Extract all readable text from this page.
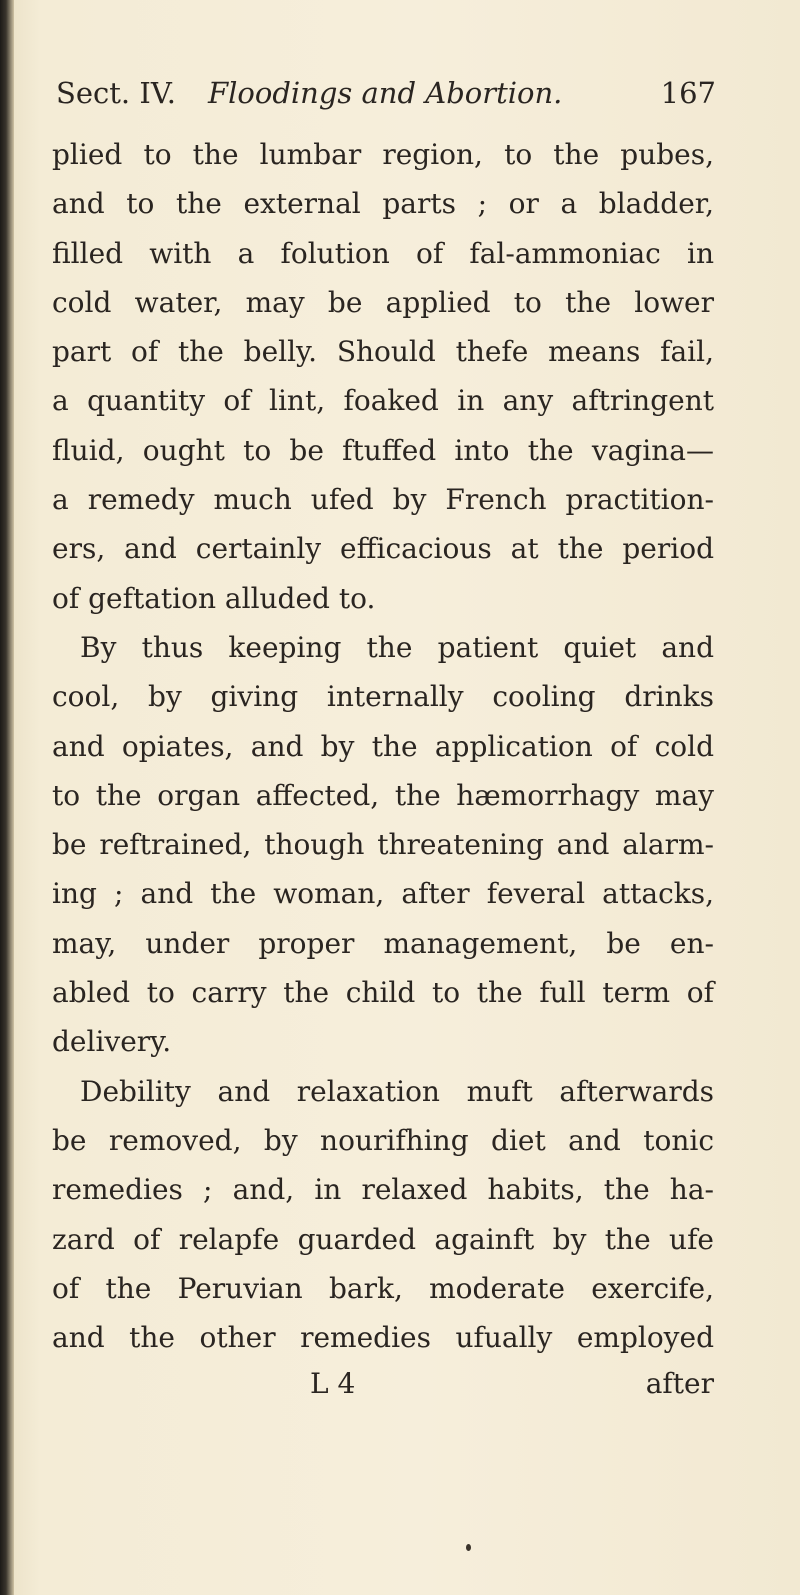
Sect. IV. Floodings and Abortion.	167
plied to the lumbar region, to the pubes,
and to the external parts ; or a bladder,
filled with a folution of fal-ammoniac in
cold water, may be applied to the lower
part of the belly. Should thefe means fail,
a quantity of lint, foaked in any aftringent
fluid, ought to be ftuffed into the vagina—
a remedy much ufed by French practition-
ers, and certainly efficacious at the period
of geftation alluded to.
By thus keeping the patient quiet and
cool, by giving internally cooling drinks
and opiates, and by the application of cold
to the organ affected, the hæmorrhagy may
be reftrained, though threatening and alarm-
ing ; and the woman, after feveral attacks,
may, under proper management, be en-
abled to carry the child to the full term of
delivery.
Debility and relaxation muft afterwards
be removed, by nourifhing diet and tonic
remedies ; and, in relaxed habits, the ha-
zard of relapfe guarded againft by the ufe
of the Peruvian bark, moderate exercife,
and the other remedies ufually employed
L 4	after
